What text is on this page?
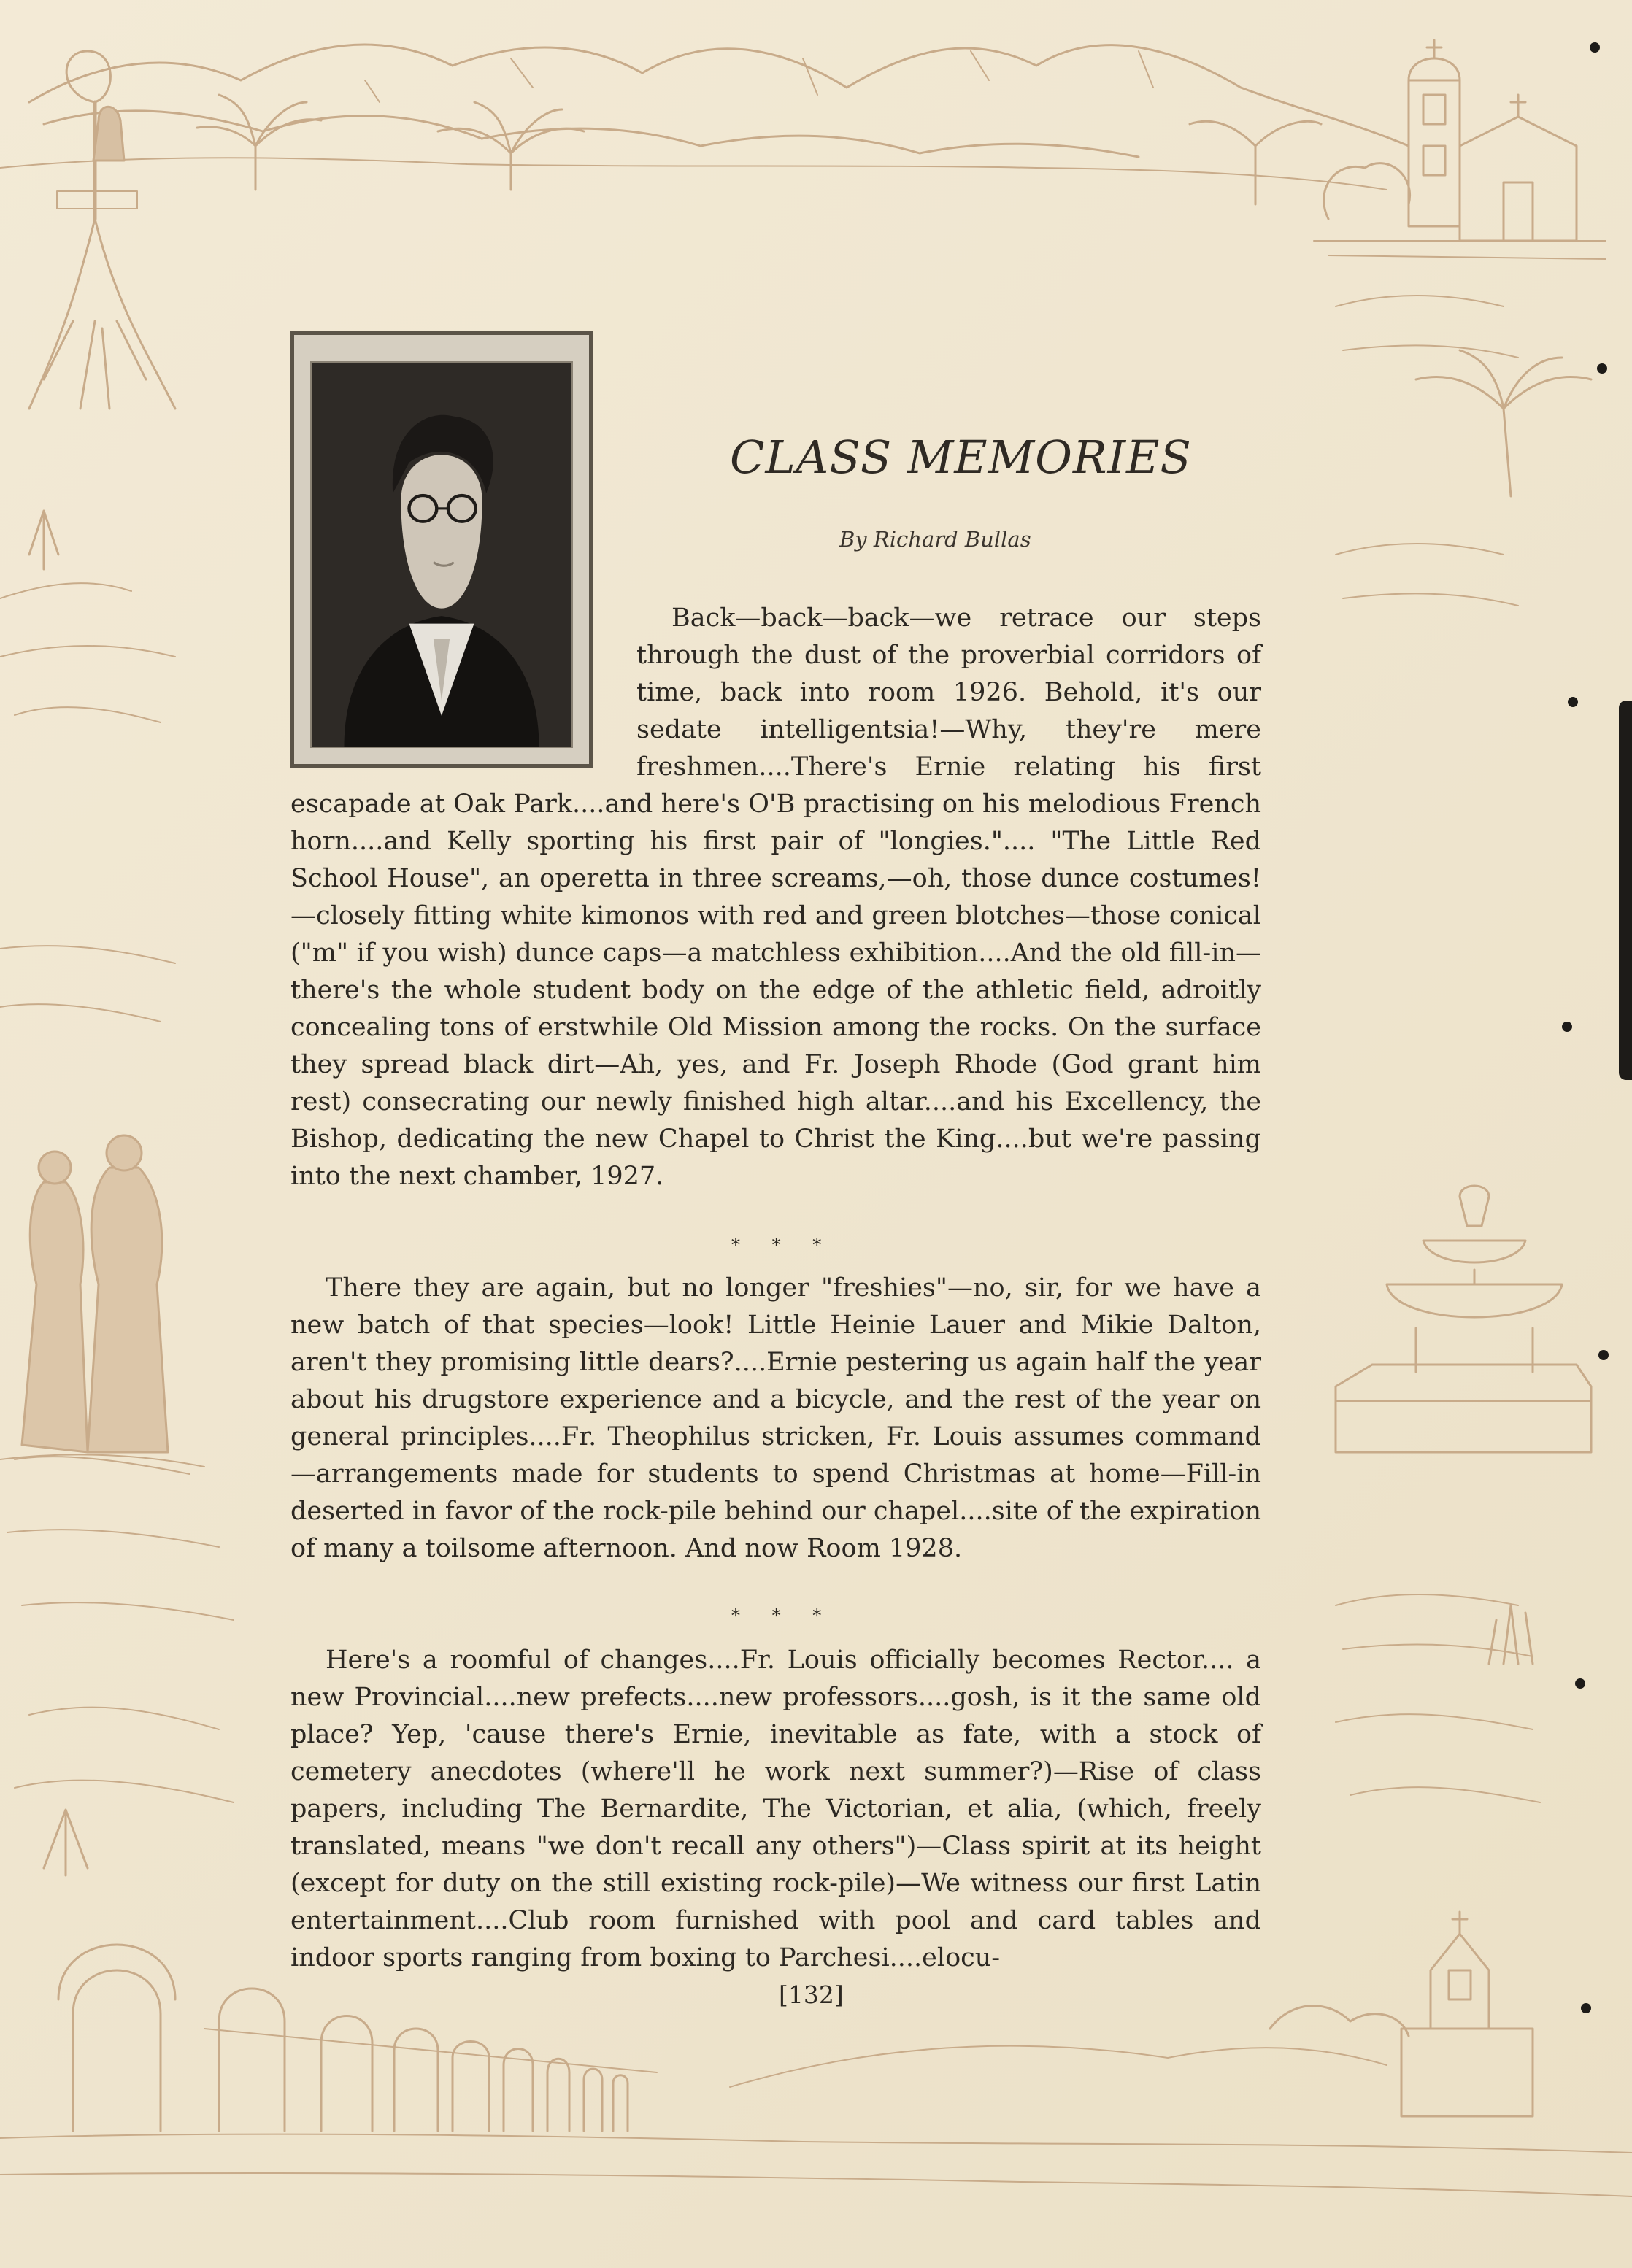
CLASS MEMORIES
By Richard Bullas

Back—back—back—we retrace our steps through the dust of the proverbial corridors of time, back into room 1926. Behold, it's our sedate intelligentsia!—Why, they're mere freshmen....There's Ernie relating his first escapade at Oak Park....and here's O'B practising on his melodious French horn....and Kelly sporting his first pair of "longies.".... "The Little Red School House", an operetta in three screams,—oh, those dunce costumes!—closely fitting white kimonos with red and green blotches—those conical ("m" if you wish) dunce caps—a matchless exhibition....And the old fill-in—there's the whole student body on the edge of the athletic field, adroitly concealing tons of erstwhile Old Mission among the rocks. On the surface they spread black dirt—Ah, yes, and Fr. Joseph Rhode (God grant him rest) consecrating our newly finished high altar....and his Excellency, the Bishop, dedicating the new Chapel to Christ the King....but we're passing into the next chamber, 1927.

* * *

There they are again, but no longer "freshies"—no, sir, for we have a new batch of that species—look! Little Heinie Lauer and Mikie Dalton, aren't they promising little dears?....Ernie pestering us again half the year about his drugstore experience and a bicycle, and the rest of the year on general principles....Fr. Theophilus stricken, Fr. Louis assumes command—arrangements made for students to spend Christmas at home—Fill-in deserted in favor of the rock-pile behind our chapel....site of the expiration of many a toilsome afternoon. And now Room 1928.

* * *

Here's a roomful of changes....Fr. Louis officially becomes Rector.... a new Provincial....new prefects....new professors....gosh, is it the same old place? Yep, 'cause there's Ernie, inevitable as fate, with a stock of cemetery anecdotes (where'll he work next summer?)—Rise of class papers, including The Bernardite, The Victorian, et alia, (which, freely translated, means "we don't recall any others")—Class spirit at its height (except for duty on the still existing rock-pile)—We witness our first Latin entertainment....Club room furnished with pool and card tables and indoor sports ranging from boxing to Parchesi....elocu-

[132]
